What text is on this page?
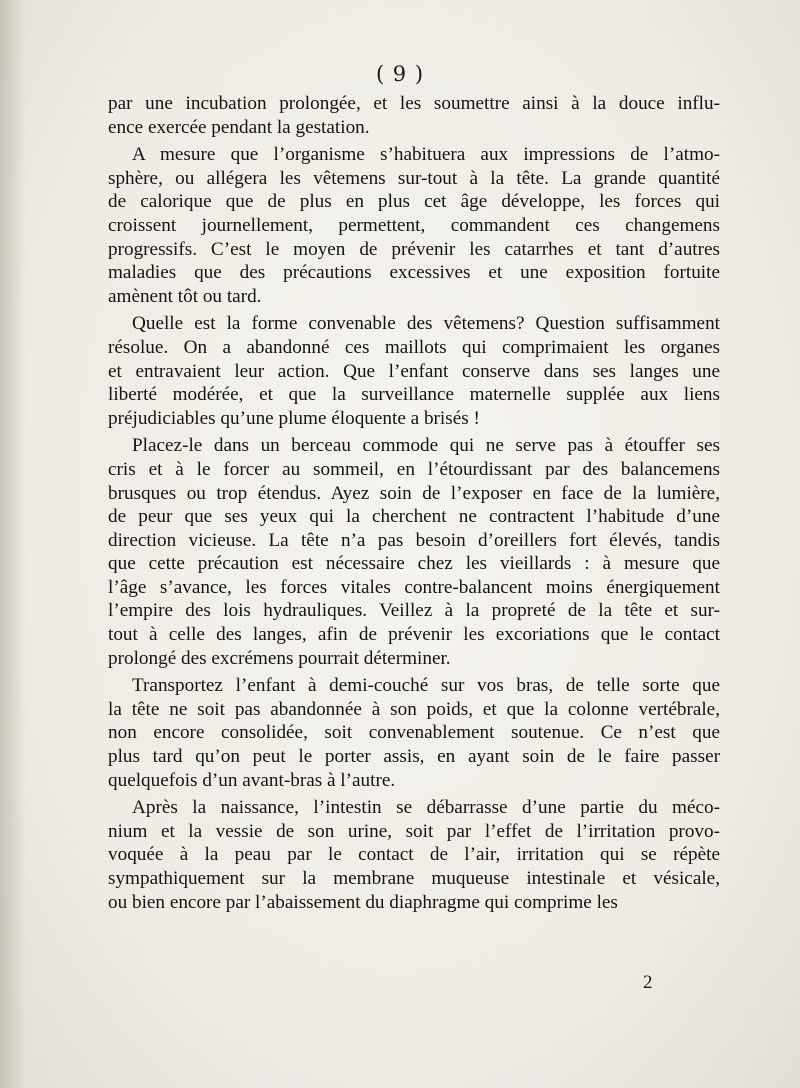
( 9 )
par une incubation prolongée, et les soumettre ainsi à la douce influ-
ence exercée pendant la gestation.
A mesure que l’organisme s’habituera aux impressions de l’atmo-
sphère, ou allégera les vêtemens sur-tout à la tête. La grande quantité
de calorique que de plus en plus cet âge développe, les forces qui
croissent journellement, permettent, commandent ces changemens
progressifs. C’est le moyen de prévenir les catarrhes et tant d’autres
maladies que des précautions excessives et une exposition fortuite
amènent tôt ou tard.
Quelle est la forme convenable des vêtemens? Question suffisamment
résolue. On a abandonné ces maillots qui comprimaient les organes
et entravaient leur action. Que l’enfant conserve dans ses langes une
liberté modérée, et que la surveillance maternelle supplée aux liens
préjudiciables qu’une plume éloquente a brisés !
Placez-le dans un berceau commode qui ne serve pas à étouffer ses
cris et à le forcer au sommeil, en l’étourdissant par des balancemens
brusques ou trop étendus. Ayez soin de l’exposer en face de la lumière,
de peur que ses yeux qui la cherchent ne contractent l’habitude d’une
direction vicieuse. La tête n’a pas besoin d’oreillers fort élevés, tandis
que cette précaution est nécessaire chez les vieillards : à mesure que
l’âge s’avance, les forces vitales contre-balancent moins énergiquement
l’empire des lois hydrauliques. Veillez à la propreté de la tête et sur-
tout à celle des langes, afin de prévenir les excoriations que le contact
prolongé des excrémens pourrait déterminer.
Transportez l’enfant à demi-couché sur vos bras, de telle sorte que
la tête ne soit pas abandonnée à son poids, et que la colonne vertébrale,
non encore consolidée, soit convenablement soutenue. Ce n’est que
plus tard qu’on peut le porter assis, en ayant soin de le faire passer
quelquefois d’un avant-bras à l’autre.
Après la naissance, l’intestin se débarrasse d’une partie du méco-
nium et la vessie de son urine, soit par l’effet de l’irritation provo-
voquée à la peau par le contact de l’air, irritation qui se répète
sympathiquement sur la membrane muqueuse intestinale et vésicale,
ou bien encore par l’abaissement du diaphragme qui comprime les
2
